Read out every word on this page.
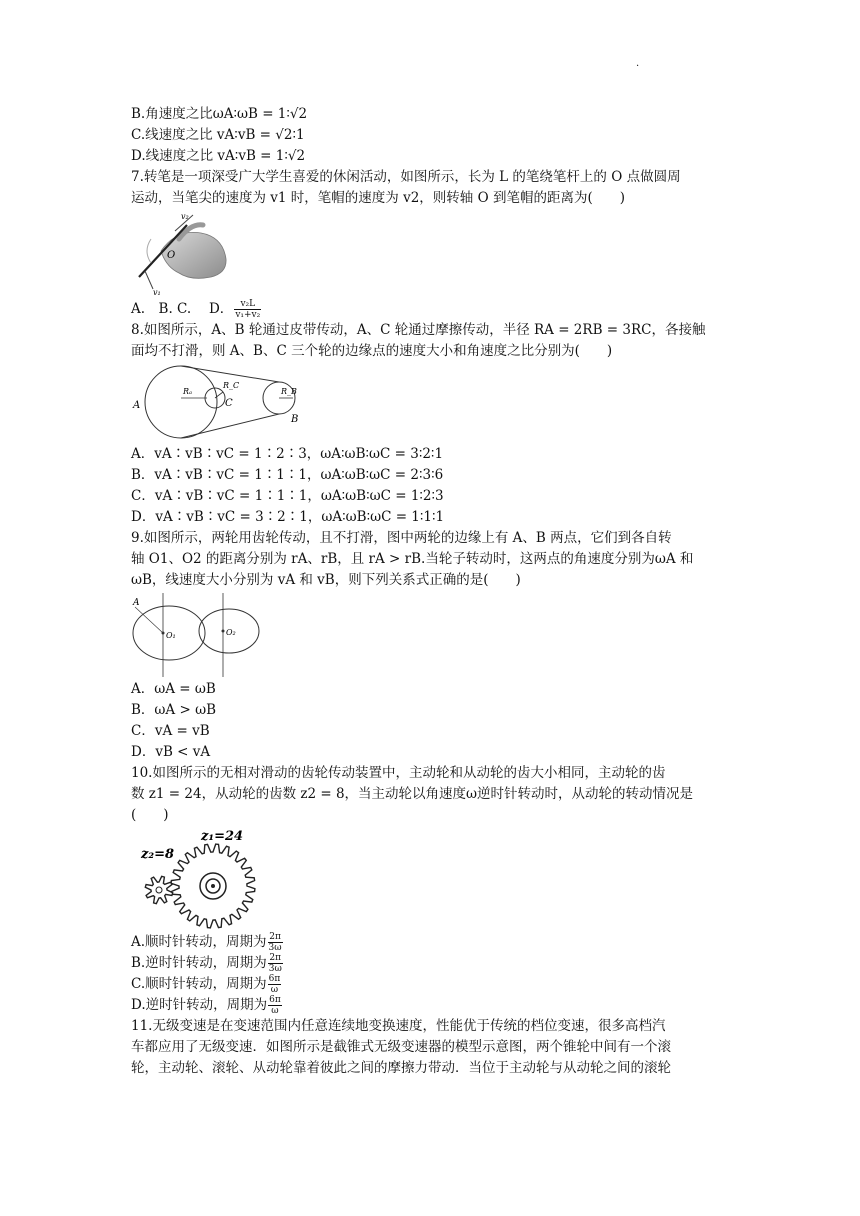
.
B.角速度之比ωA∶ωB = 1∶√2
C.线速度之比 vA∶vB = √2∶1
D.线速度之比 vA∶vB = 1∶√2
7.转笔是一项深受广大学生喜爱的休闲活动，如图所示，长为 L 的笔绕笔杆上的 O 点做圆周
运动，当笔尖的速度为 v1 时，笔帽的速度为 v2，则转轴 O 到笔帽的距离为(　　)
v₂
O
v₁
A.　B. C.　 D． $\frac{\text{v₂L}}{\text{v₁+v₂}}$
8.如图所示，A、B 轮通过皮带传动，A、C 轮通过摩擦传动，半径 RA = 2RB = 3RC，各接触
面均不打滑，则 A、B、C 三个轮的边缘点的速度大小和角速度之比分别为(　　)
A
Rₐ
R_C
C
R_B
B
A．vA∶vB∶vC = 1∶2∶3，ωA∶ωB∶ωC = 3∶2∶1
B．vA∶vB∶vC = 1∶1∶1，ωA∶ωB∶ωC = 2∶3∶6
C．vA∶vB∶vC = 1∶1∶1，ωA∶ωB∶ωC = 1∶2∶3
D．vA∶vB∶vC = 3∶2∶1，ωA∶ωB∶ωC = 1∶1∶1
9.如图所示，两轮用齿轮传动，且不打滑，图中两轮的边缘上有 A、B 两点，它们到各自转
轴 O1、O2 的距离分别为 rA、rB，且 rA > rB.当轮子转动时，这两点的角速度分别为ωA 和
ωB，线速度大小分别为 vA 和 vB，则下列关系式正确的是(　　)
A
O₁	O₂
A．ωA = ωB
B．ωA > ωB
C．vA = vB
D．vB < vA
10.如图所示的无相对滑动的齿轮传动装置中，主动轮和从动轮的齿大小相同，主动轮的齿
数 z1 = 24，从动轮的齿数 z2 = 8，当主动轮以角速度ω逆时针转动时，从动轮的转动情况是
(　　)
z₁=24
z₂=8
A.顺时针转动，周期为 $\frac{2\pi}{3\omega}$
B.逆时针转动，周期为 $\frac{2\pi}{3\omega}$
C.顺时针转动，周期为 $\frac{6\pi}{\omega}$
D.逆时针转动，周期为 $\frac{6\pi}{\omega}$
11.无级变速是在变速范围内任意连续地变换速度，性能优于传统的档位变速，很多高档汽
车都应用了无级变速．如图所示是截锥式无级变速器的模型示意图，两个锥轮中间有一个滚
轮，主动轮、滚轮、从动轮靠着彼此之间的摩擦力带动．当位于主动轮与从动轮之间的滚轮
